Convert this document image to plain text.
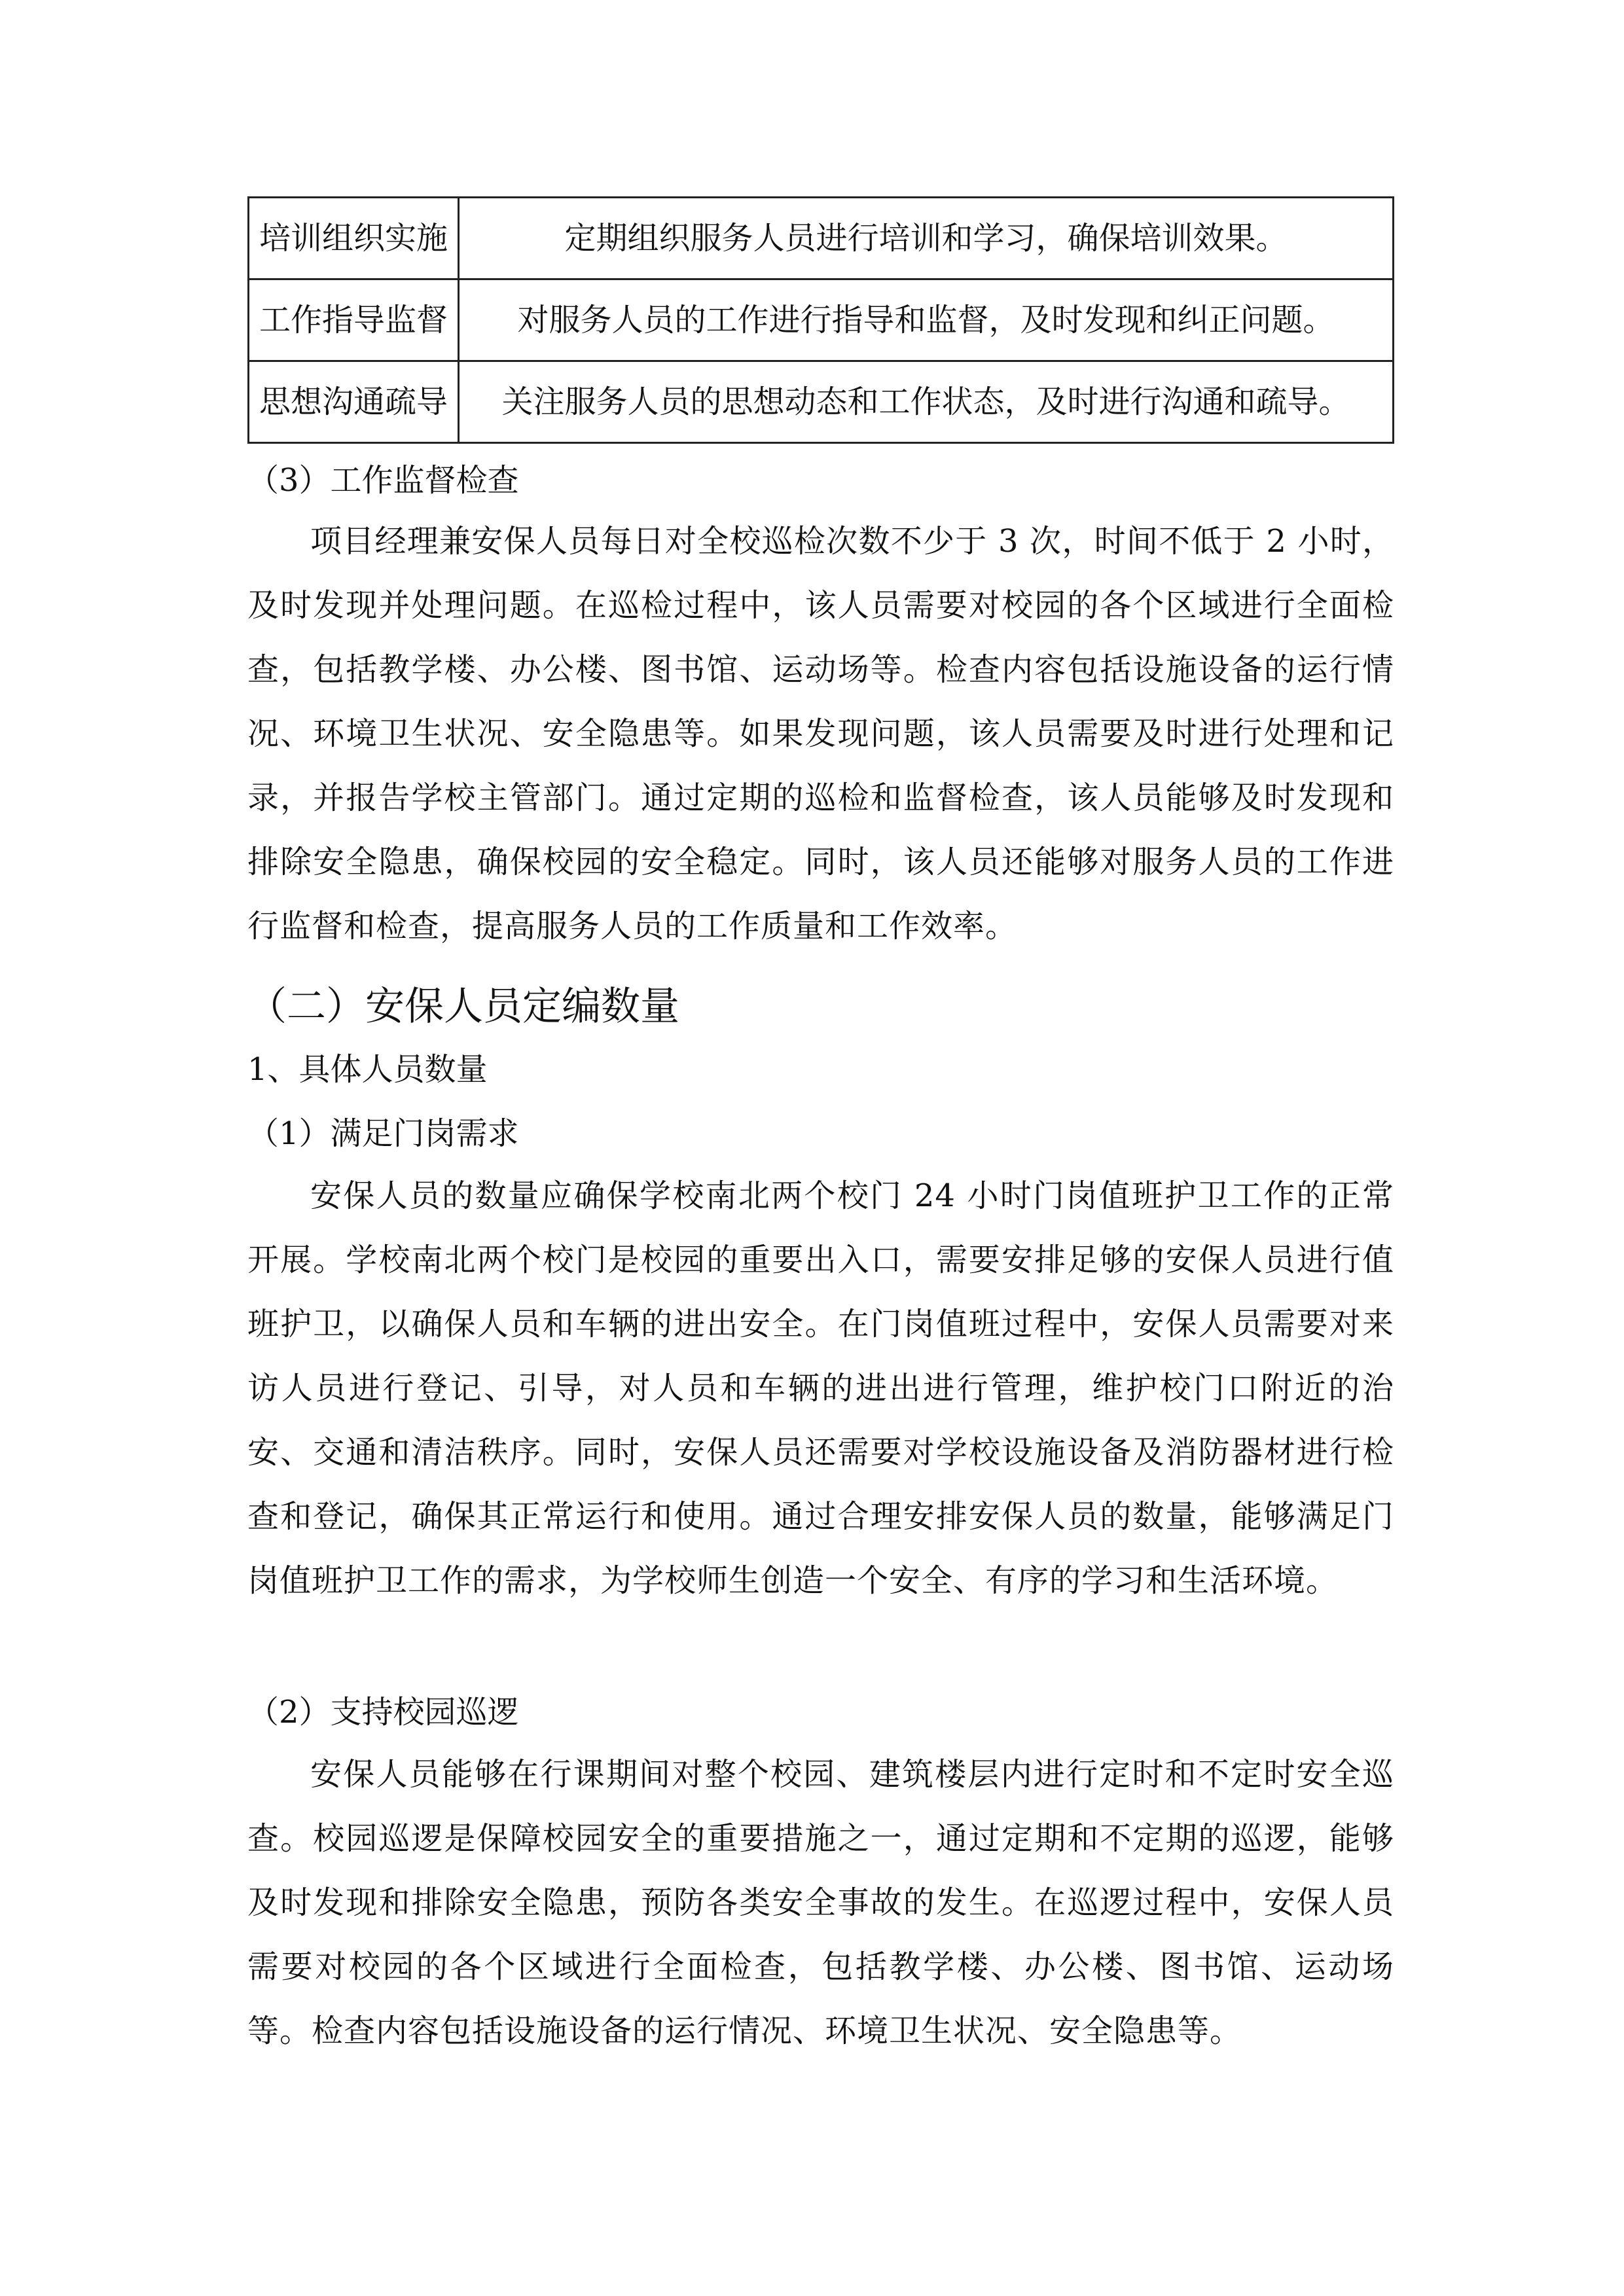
培训组织实施	定期组织服务人员进行培训和学习，确保培训效果。
工作指导监督	对服务人员的工作进行指导和监督，及时发现和纠正问题。
思想沟通疏导	关注服务人员的思想动态和工作状态，及时进行沟通和疏导。
（3）工作监督检查

项目经理兼安保人员每日对全校巡检次数不少于 3 次，时间不低于 2 小时，及时发现并处理问题。在巡检过程中，该人员需要对校园的各个区域进行全面检查，包括教学楼、办公楼、图书馆、运动场等。检查内容包括设施设备的运行情况、环境卫生状况、安全隐患等。如果发现问题，该人员需要及时进行处理和记录，并报告学校主管部门。通过定期的巡检和监督检查，该人员能够及时发现和排除安全隐患，确保校园的安全稳定。同时，该人员还能够对服务人员的工作进行监督和检查，提高服务人员的工作质量和工作效率。

（二）安保人员定编数量
1、具体人员数量
（1）满足门岗需求

安保人员的数量应确保学校南北两个校门 24 小时门岗值班护卫工作的正常开展。学校南北两个校门是校园的重要出入口，需要安排足够的安保人员进行值班护卫，以确保人员和车辆的进出安全。在门岗值班过程中，安保人员需要对来访人员进行登记、引导，对人员和车辆的进出进行管理，维护校门口附近的治安、交通和清洁秩序。同时，安保人员还需要对学校设施设备及消防器材进行检查和登记，确保其正常运行和使用。通过合理安排安保人员的数量，能够满足门岗值班护卫工作的需求，为学校师生创造一个安全、有序的学习和生活环境。

（2）支持校园巡逻

安保人员能够在行课期间对整个校园、建筑楼层内进行定时和不定时安全巡查。校园巡逻是保障校园安全的重要措施之一，通过定期和不定期的巡逻，能够及时发现和排除安全隐患，预防各类安全事故的发生。在巡逻过程中，安保人员需要对校园的各个区域进行全面检查，包括教学楼、办公楼、图书馆、运动场等。检查内容包括设施设备的运行情况、环境卫生状况、安全隐患等。
